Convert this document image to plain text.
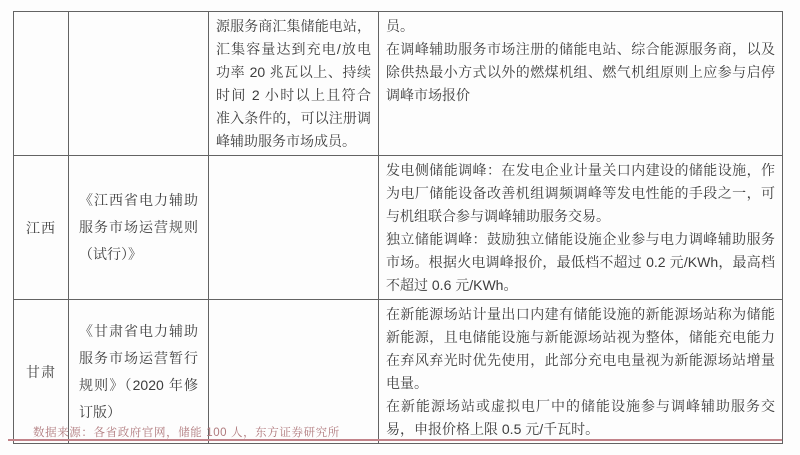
		源服务商汇集储能电站，汇集容量达到充电/放电功率 20 兆瓦以上、持续时间 2 小时以上且符合准入条件的，可以注册调峰辅助服务市场成员。	员。
在调峰辅助服务市场注册的储能电站、综合能源服务商，以及除供热最小方式以外的燃煤机组、燃气机组原则上应参与启停调峰市场报价

江西	《江西省电力辅助服务市场运营规则（试行）》		发电侧储能调峰：在发电企业计量关口内建设的储能设施，作为电厂储能设备改善机组调频调峰等发电性能的手段之一，可与机组联合参与调峰辅助服务交易。
独立储能调峰：鼓励独立储能设施企业参与电力调峰辅助服务市场。根据火电调峰报价，最低档不超过 0.2 元/KWh，最高档不超过 0.6 元/KWh。

甘肃	《甘肃省电力辅助服务市场运营暂行规则》（2020 年修订版）		在新能源场站计量出口内建有储能设施的新能源场站称为储能新能源，且电储能设施与新能源场站视为整体，储能充电能力在弃风弃光时优先使用，此部分充电电量视为新能源场站增量电量。
在新能源场站或虚拟电厂中的储能设施参与调峰辅助服务交易，申报价格上限 0.5 元/千瓦时。
数据来源：各省政府官网，储能 100 人，东方证券研究所
